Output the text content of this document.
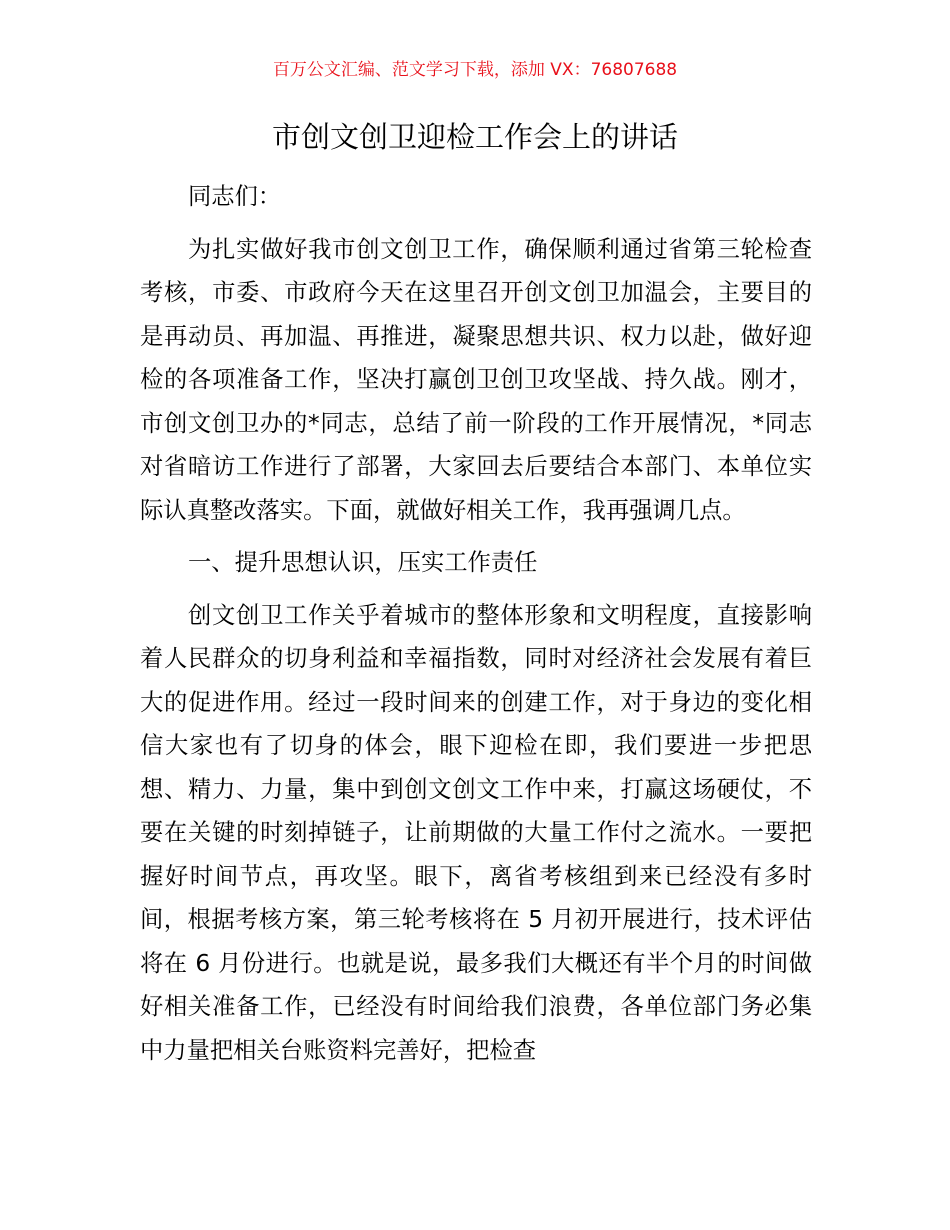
百万公文汇编、范文学习下载，添加 VX：76807688
市创文创卫迎检工作会上的讲话
同志们：
为扎实做好我市创文创卫工作，确保顺利通过省第三轮检查考核，市委、市政府今天在这里召开创文创卫加温会，主要目的是再动员、再加温、再推进，凝聚思想共识、权力以赴，做好迎检的各项准备工作，坚决打赢创卫创卫攻坚战、持久战。刚才，市创文创卫办的*同志，总结了前一阶段的工作开展情况，*同志对省暗访工作进行了部署，大家回去后要结合本部门、本单位实际认真整改落实。下面，就做好相关工作，我再强调几点。
一、提升思想认识，压实工作责任
创文创卫工作关乎着城市的整体形象和文明程度，直接影响着人民群众的切身利益和幸福指数，同时对经济社会发展有着巨大的促进作用。经过一段时间来的创建工作，对于身边的变化相信大家也有了切身的体会，眼下迎检在即，我们要进一步把思想、精力、力量，集中到创文创文工作中来，打赢这场硬仗，不要在关键的时刻掉链子，让前期做的大量工作付之流水。一要把握好时间节点，再攻坚。眼下，离省考核组到来已经没有多时间，根据考核方案，第三轮考核将在 5 月初开展进行，技术评估将在 6 月份进行。也就是说，最多我们大概还有半个月的时间做好相关准备工作，已经没有时间给我们浪费，各单位部门务必集中力量把相关台账资料完善好，把检查
